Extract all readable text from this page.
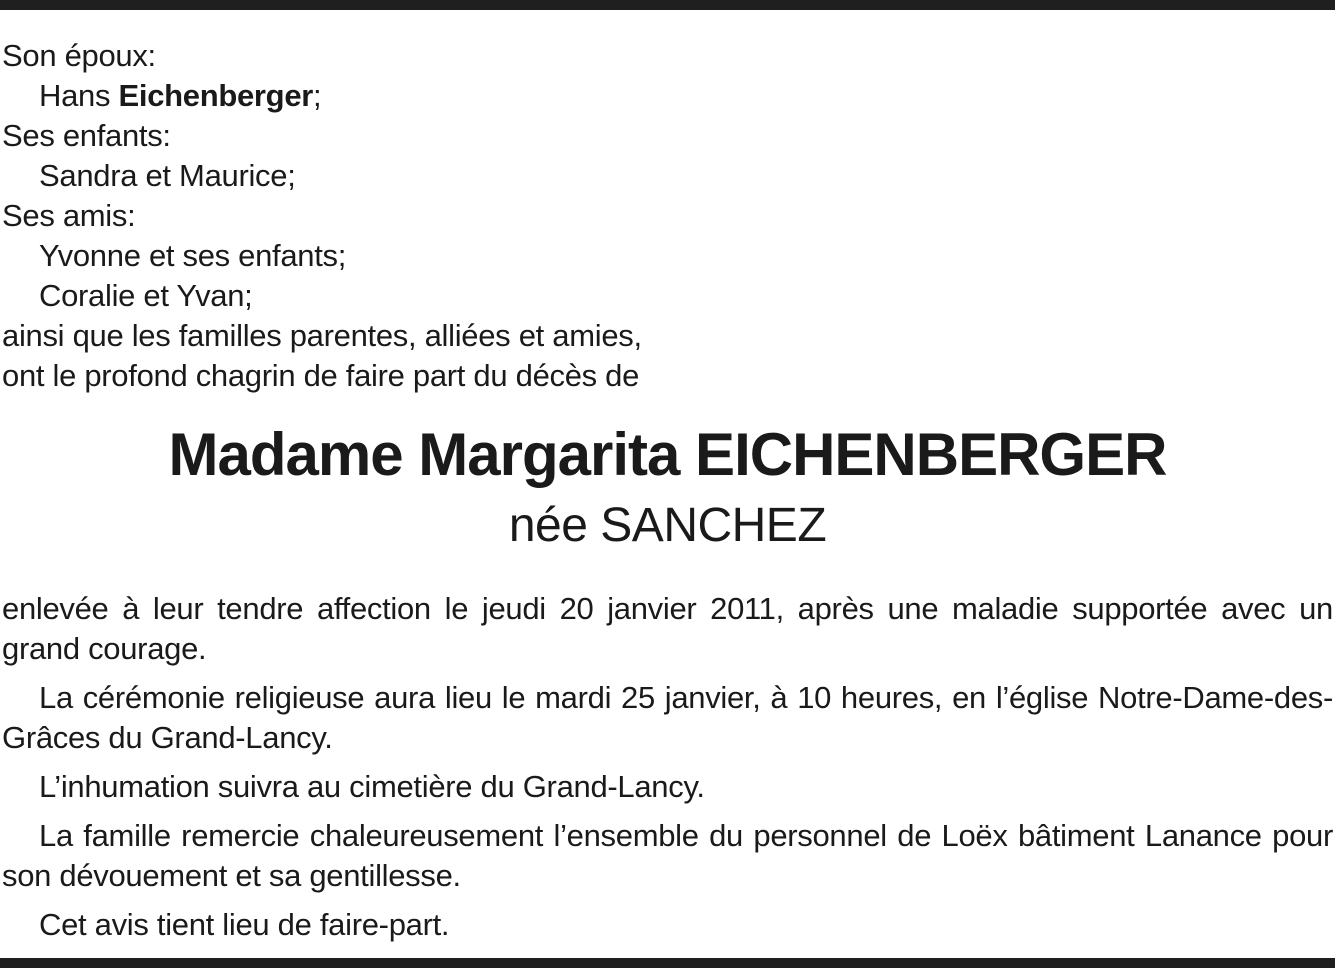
Son époux:
Hans Eichenberger;
Ses enfants:
Sandra et Maurice;
Ses amis:
Yvonne et ses enfants;
Coralie et Yvan;
ainsi que les familles parentes, alliées et amies,
ont le profond chagrin de faire part du décès de
Madame Margarita EICHENBERGER
née SANCHEZ

enlevée à leur tendre affection le jeudi 20 janvier 2011, après une maladie supportée avec un grand courage.

La cérémonie religieuse aura lieu le mardi 25 janvier, à 10 heures, en l’église Notre-Dame-des-Grâces du Grand-Lancy.

L’inhumation suivra au cimetière du Grand-Lancy.

La famille remercie chaleureusement l’ensemble du personnel de Loëx bâtiment Lanance pour son dévouement et sa gentillesse.

Cet avis tient lieu de faire-part.
